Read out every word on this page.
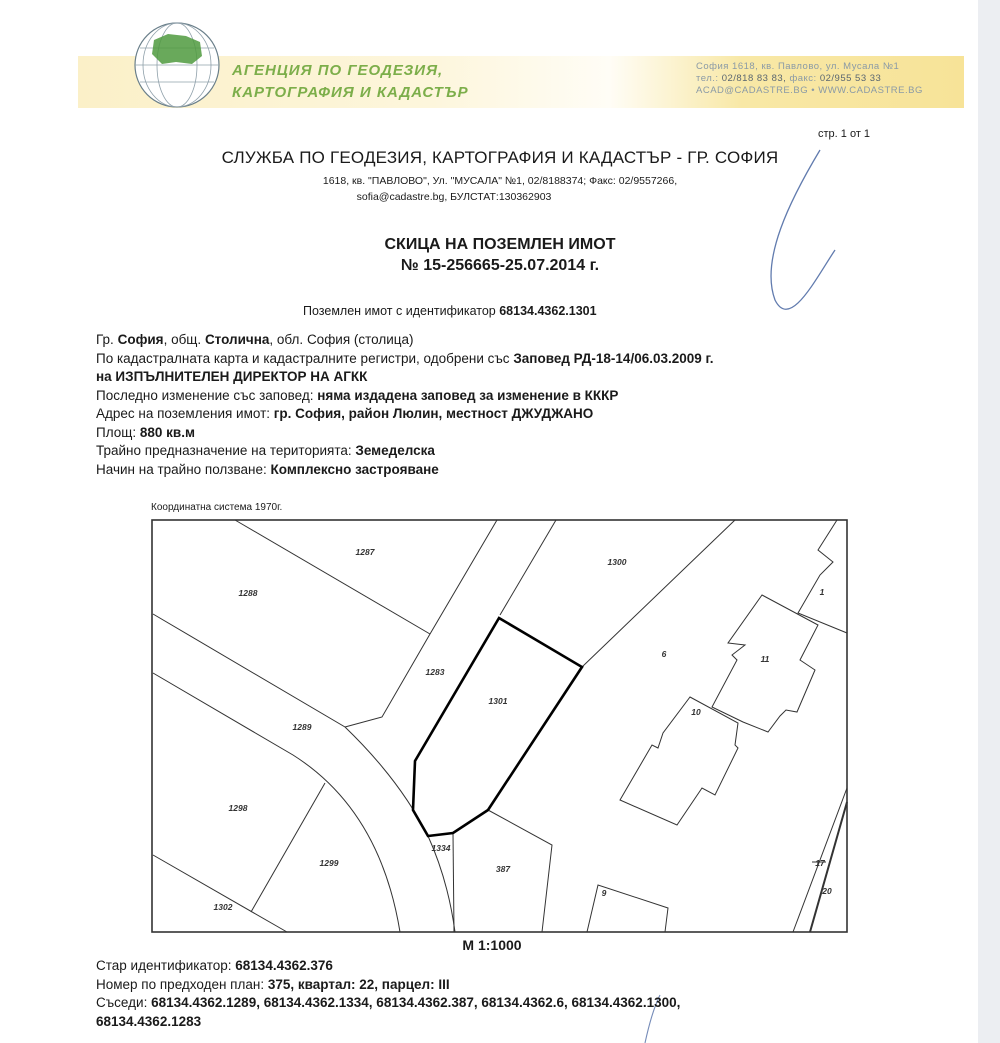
АГЕНЦИЯ ПО ГЕОДЕЗИЯ,
КАРТОГРАФИЯ И КАДАСТЪР
София 1618, кв. Павлово, ул. Мусала №1
тел.: 02/818 83 83, факс: 02/955 53 33
ACAD@CADASTRE.BG • WWW.CADASTRE.BG
стр. 1 от 1
СЛУЖБА ПО ГЕОДЕЗИЯ, КАРТОГРАФИЯ И КАДАСТЪР - ГР. СОФИЯ
1618, кв. "ПАВЛОВО", Ул. "МУСАЛА" №1, 02/8188374; Факс: 02/9557266,
sofia@cadastre.bg, БУЛСТАТ:130362903
СКИЦА НА ПОЗЕМЛЕН ИМОТ
№ 15-256665-25.07.2014 г.
Поземлен имот с идентификатор 68134.4362.1301
Гр. София, общ. Столична, обл. София (столица)
По кадастралната карта и кадастралните регистри, одобрени със Заповед РД-18-14/06.03.2009 г.
на ИЗПЪЛНИТЕЛЕН ДИРЕКТОР НА АГКК
Последно изменение със заповед: няма издадена заповед за изменение в КККР
Адрес на поземления имот: гр. София, район Люлин, местност ДЖУДЖАНО
Площ: 880 кв.м
Трайно предназначение на територията: Земеделска
Начин на трайно ползване: Комплексно застрояване
Координатна система 1970г.
1287
1288
1289
1283
1301
1298
1299
1302
1334
387
1300
6	11
10
1
17
20
9
М 1:1000
Стар идентификатор: 68134.4362.376
Номер по предходен план: 375, квартал: 22, парцел: III
Съседи: 68134.4362.1289, 68134.4362.1334, 68134.4362.387, 68134.4362.6, 68134.4362.1300,
68134.4362.1283
